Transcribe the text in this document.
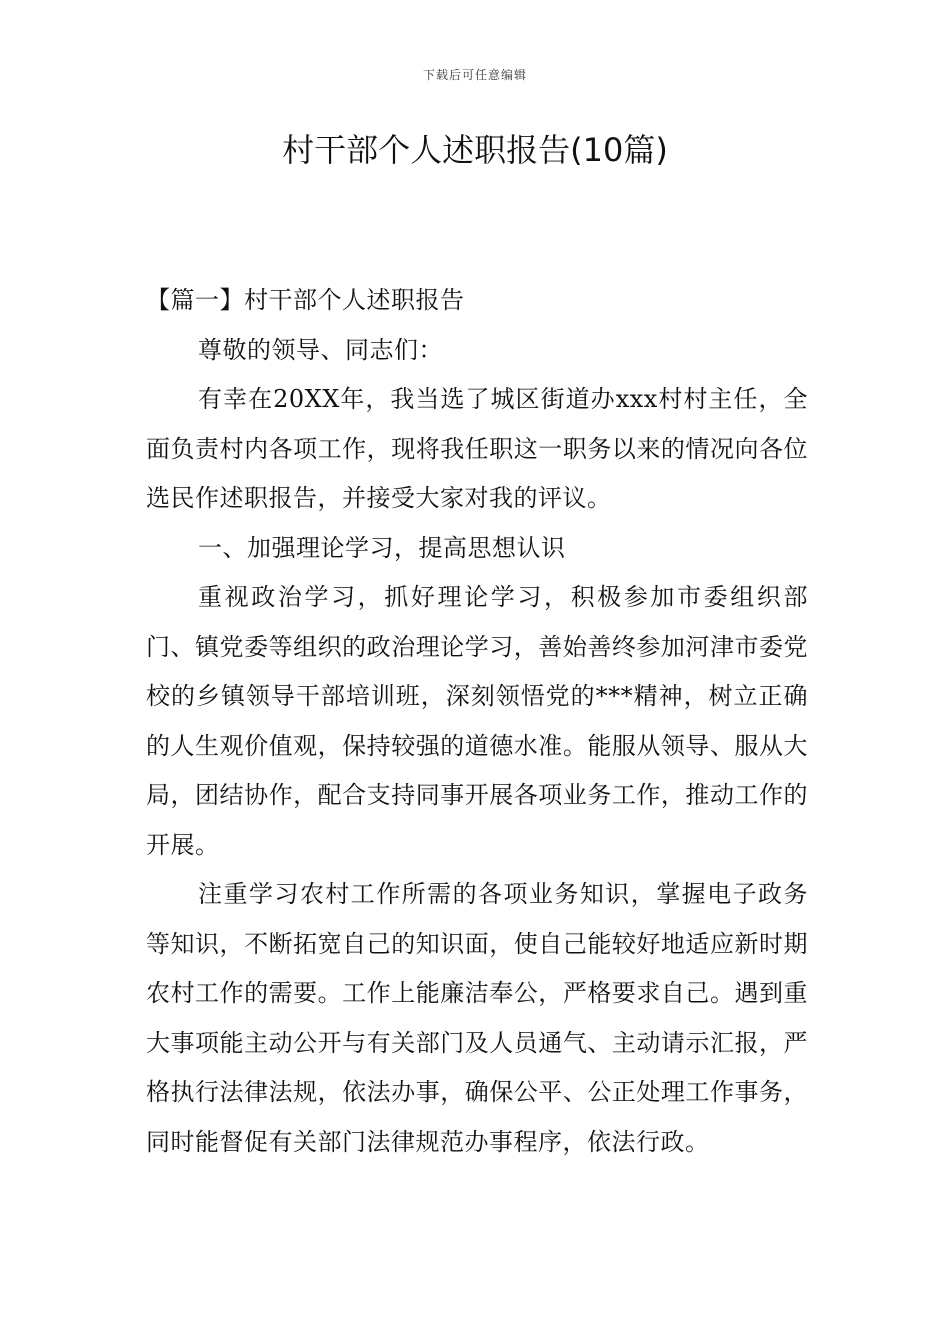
下载后可任意编辑
村干部个人述职报告(10篇)

【篇一】村干部个人述职报告

尊敬的领导、同志们：

有幸在20XX年，我当选了城区街道办xxx村村主任，全面负责村内各项工作，现将我任职这一职务以来的情况向各位选民作述职报告，并接受大家对我的评议。

一、加强理论学习，提高思想认识

重视政治学习，抓好理论学习，积极参加市委组织部门、镇党委等组织的政治理论学习，善始善终参加河津市委党校的乡镇领导干部培训班，深刻领悟党的***精神，树立正确的人生观价值观，保持较强的道德水准。能服从领导、服从大局，团结协作，配合支持同事开展各项业务工作，推动工作的开展。

注重学习农村工作所需的各项业务知识，掌握电子政务等知识，不断拓宽自己的知识面，使自己能较好地适应新时期农村工作的需要。工作上能廉洁奉公，严格要求自己。遇到重大事项能主动公开与有关部门及人员通气、主动请示汇报，严格执行法律法规，依法办事，确保公平、公正处理工作事务，同时能督促有关部门法律规范办事程序，依法行政。
